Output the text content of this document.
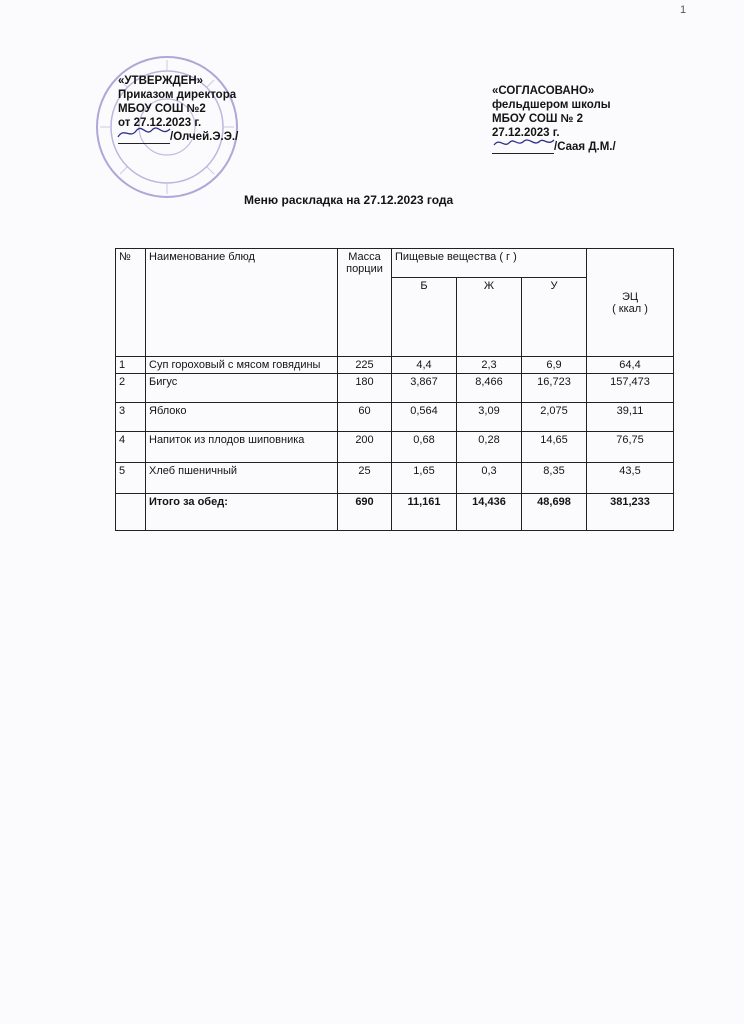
1
«УТВЕРЖДЕН»
Приказом директора
МБОУ СОШ №2
от 27.12.2023 г.
/Олчей.Э.Э./
«СОГЛАСОВАНО»
фельдшером школы
МБОУ СОШ № 2
27.12.2023 г.
/Саая Д.М./
Меню раскладка на 27.12.2023 года
№	Наименование блюд	Масса порции	Пищевые вещества ( г )			ЭЦ
( ккал )

			Б	Ж	У	
1	Суп гороховый с мясом говядины	225	4,4	2,3	6,9	64,4
2	Бигус	180	3,867	8,466	16,723	157,473
3	Яблоко	60	0,564	3,09	2,075	39,11
4	Напиток из плодов шиповника	200	0,68	0,28	14,65	76,75
5	Хлеб пшеничный	25	1,65	0,3	8,35	43,5
	Итого за обед:	690	11,161	14,436	48,698	381,233
